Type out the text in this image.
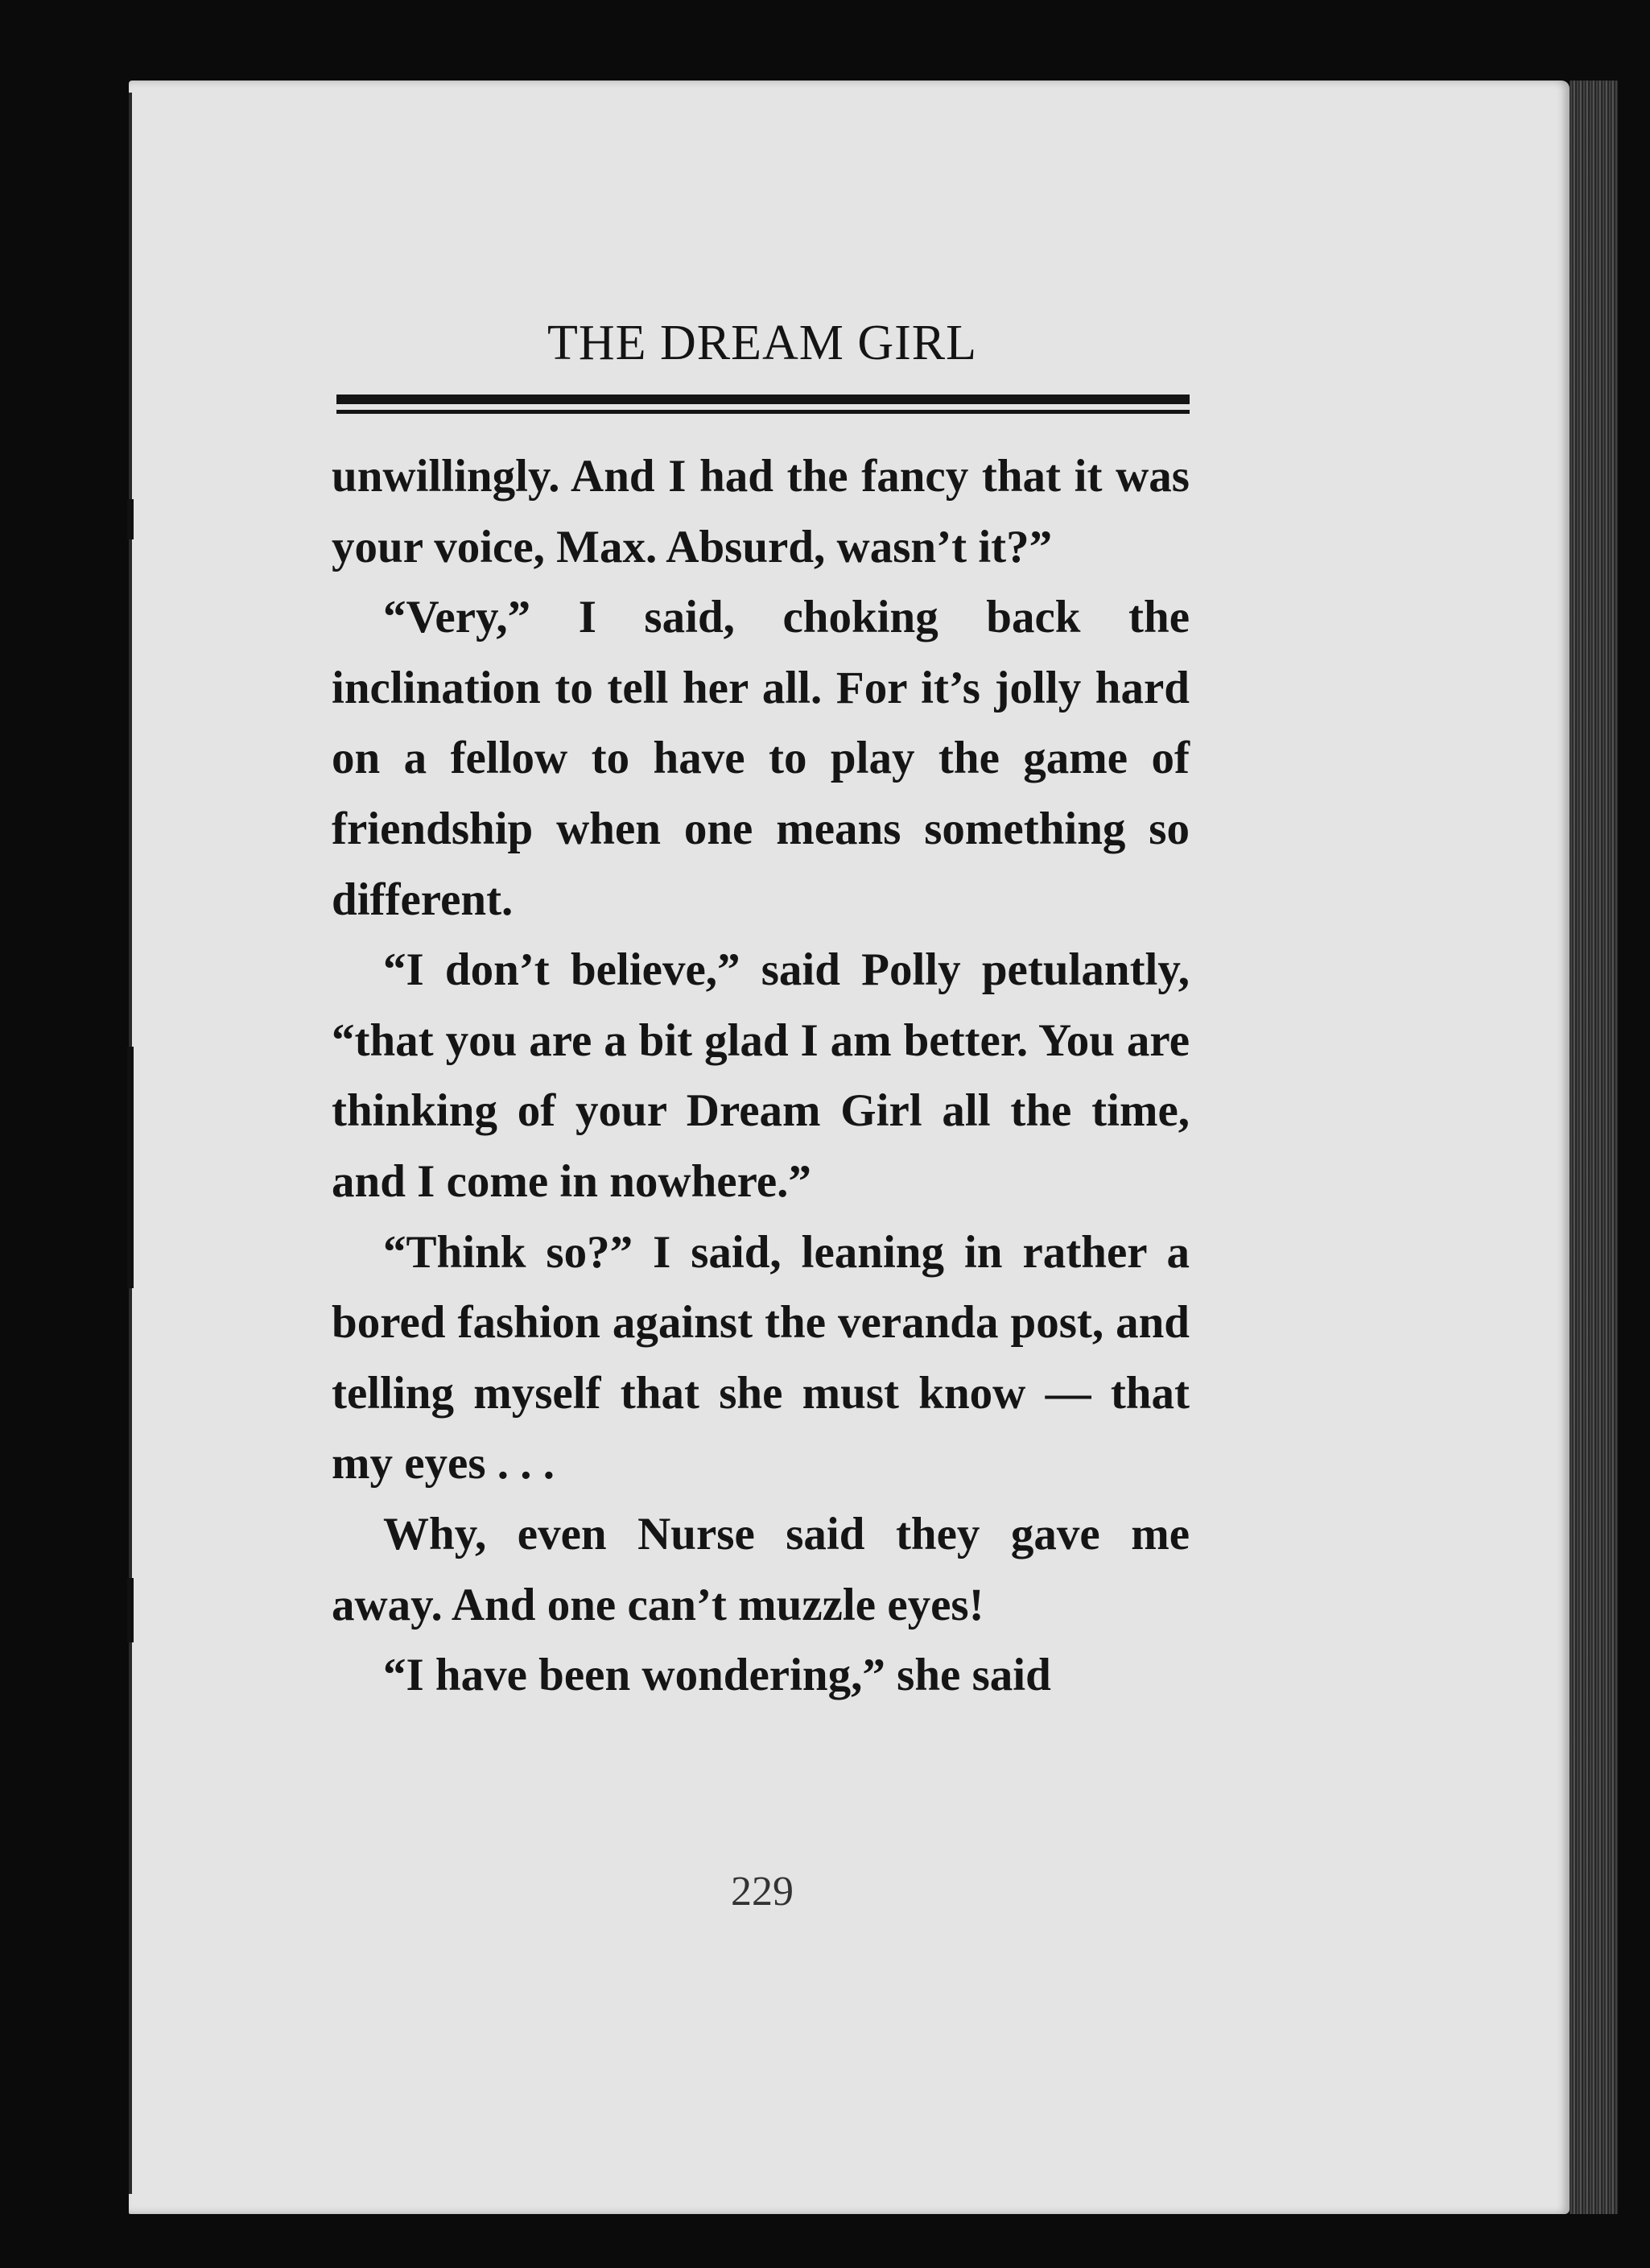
THE DREAM GIRL

unwillingly. And I had the fancy that it was your voice, Max. Absurd, wasn’t it?”

“Very,” I said, choking back the inclination to tell her all. For it’s jolly hard on a fellow to have to play the game of friendship when one means something so different.

“I don’t believe,” said Polly petulantly, “that you are a bit glad I am better. You are thinking of your Dream Girl all the time, and I come in nowhere.”

“Think so?” I said, leaning in rather a bored fashion against the veranda post, and telling myself that she must know — that my eyes . . .

Why, even Nurse said they gave me away. And one can’t muzzle eyes!

“I have been wondering,” she said

229
